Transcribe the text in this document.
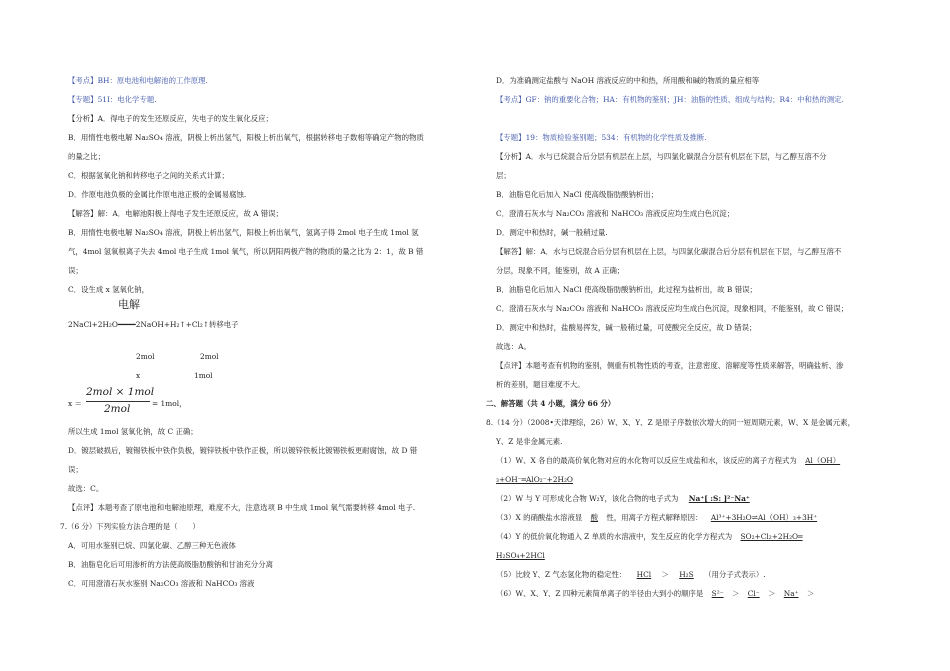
【考点】BH：原电池和电解池的工作原理.
【专题】51I：电化学专题.
【分析】A．得电子的发生还原反应，失电子的发生氧化反应；
B．用惰性电极电解 Na₂SO₄ 溶液，阴极上析出氢气，阳极上析出氧气，根据转移电子数相等确定产物的物质
的量之比；
C．根据氢氧化钠和转移电子之间的关系式计算；
D．作原电池负极的金属比作原电池正极的金属易腐蚀.
【解答】解：A．电解池阳极上得电子发生还原反应，故 A 错误；
B．用惰性电极电解 Na₂SO₄ 溶液，阴极上析出氢气，阳极上析出氧气，氢离子得 2mol 电子生成 1mol 氢
气，4mol 氢氧根离子失去 4mol 电子生成 1mol 氧气，所以阴阳两极产物的物质的量之比为 2：1，故 B 错
误；
C．设生成 x 氢氧化钠，
电解
2NaCl+2H₂O━━━━2NaOH+H₂↑+Cl₂↑转移电子
2mol	2mol
x	1mol
x ＝
2mol × 1mol
2mol	= 1mol，
所以生成 1mol 氢氧化钠，故 C 正确；
D．镀层破损后，镀锡铁板中铁作负极，镀锌铁板中铁作正极，所以镀锌铁板比镀锡铁板更耐腐蚀，故 D 错
误；
故选：C。
【点评】本题考查了原电池和电解池原理，难度不大，注意选项 B 中生成 1mol 氧气需要转移 4mol 电子.
7.（6 分）下列实验方法合理的是（　　）
A．可用水鉴别已烷、四氯化碳、乙醇三种无色液体
B．油脂皂化后可用渗析的方法使高级脂肪酸钠和甘油充分分离
C．可用澄清石灰水鉴别 Na₂CO₃ 溶液和 NaHCO₃ 溶液
D．为准确测定盐酸与 NaOH 溶液反应的中和热，所用酸和碱的物质的量应相等
【考点】GF：钠的重要化合物；HA：有机物的鉴别；JH：油脂的性质、组成与结构；R4：中和热的测定.
【专题】19：物质检验鉴别题；534：有机物的化学性质及推断.
【分析】A．水与已烷混合后分层有机层在上层，与四氯化碳混合分层有机层在下层，与乙醇互溶不分
层；
B．油脂皂化后加入 NaCl 使高级脂肪酸钠析出；
C．澄清石灰水与 Na₂CO₃ 溶液和 NaHCO₃ 溶液反应均生成白色沉淀；
D．测定中和热时，碱一般稍过量.
【解答】解：A．水与已烷混合后分层有机层在上层，与四氯化碳混合后分层有机层在下层，与乙醇互溶不
分层，现象不同，能鉴别，故 A 正确；
B．油脂皂化后加入 NaCl 使高级脂肪酸钠析出，此过程为盐析出，故 B 错误；
C．澄清石灰水与 Na₂CO₃ 溶液和 NaHCO₃ 溶液反应均生成白色沉淀，现象相同，不能鉴别，故 C 错误；
D．测定中和热时，盐酸易挥发，碱一般稍过量，可使酸完全反应，故 D 错误；
故选：A。
【点评】本题考查有机物的鉴别，侧重有机物性质的考查，注意密度、溶解度等性质来解答，明确盐析、渗
析的差别，题目难度不大。
二、解答题（共 4 小题，满分 66 分）
8.（14 分）（2008•天津理综，26）W、X、Y、Z 是原子序数依次增大的同一短周期元素，W、X 是金属元素，
Y、Z 是非金属元素.
（1）W、X 各自的最高价氧化物对应的水化物可以反应生成盐和水，该反应的离子方程式为 Al（OH）
₃+OH⁻═AlO₂⁻+2H₂O
（2）W 与 Y 可形成化合物 W₂Y，该化合物的电子式为 Na⁺[ :S: ]²⁻Na⁺
（3）X 的硝酸盐水溶液显 酸 性，用离子方程式解释原因： Al³⁺+3H₂O⇌Al（OH）₃+3H⁺
（4）Y 的低价氧化物通入 Z 单质的水溶液中，发生反应的化学方程式为 SO₂+Cl₂+2H₂O═
H₂SO₄+2HCl
（5）比较 Y、Z 气态氢化物的稳定性： HCl ＞ H₂S （用分子式表示）.
（6）W、X、Y、Z 四种元素简单离子的半径由大到小的顺序是 S²⁻ ＞ Cl⁻ ＞ Na⁺ ＞
